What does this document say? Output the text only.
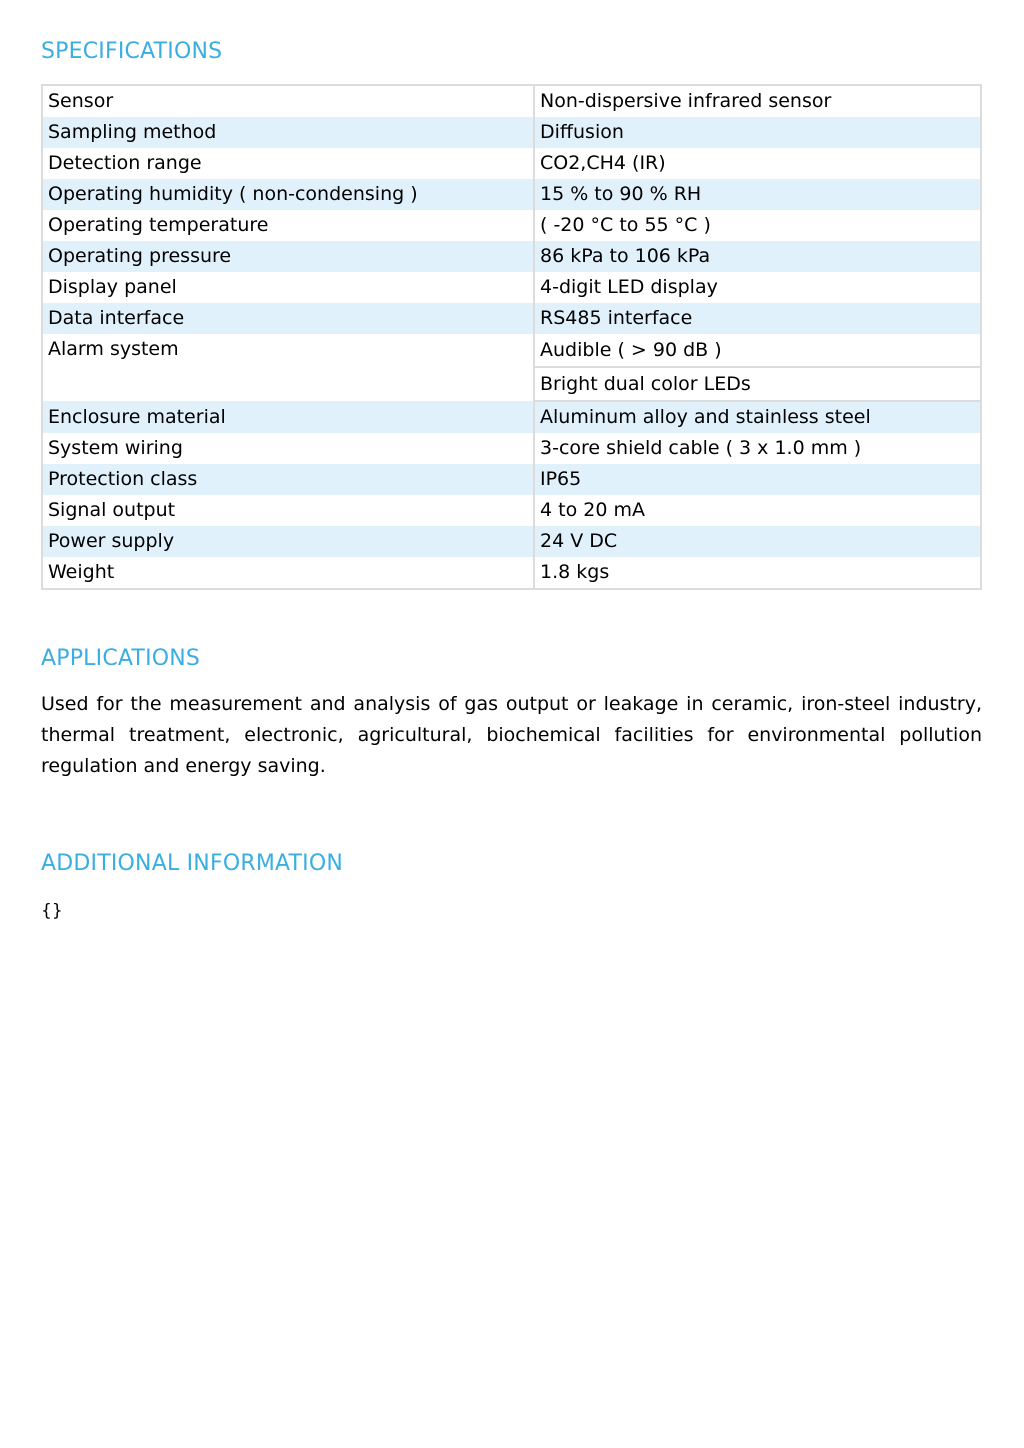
SPECIFICATIONS
Sensor	Non-dispersive infrared sensor
Sampling method	Diffusion
Detection range	CO2,CH4 (IR)
Operating humidity ( non-condensing )	15 % to 90 % RH
Operating temperature	( -20 °C to 55 °C )
Operating pressure	86 kPa to 106 kPa
Display panel	4-digit LED display
Data interface	RS485 interface
Alarm system	Audible ( > 90 dB )
	Bright dual color LEDs
Enclosure material	Aluminum alloy and stainless steel
System wiring	3-core shield cable ( 3 x 1.0 mm )
Protection class	IP65
Signal output	4 to 20 mA
Power supply	24 V DC
Weight	1.8 kgs
APPLICATIONS

Used for the measurement and analysis of gas output or leakage in ceramic, iron-steel industry, thermal treatment, electronic, agricultural, biochemical facilities for environmental pollution regulation and energy saving.

ADDITIONAL INFORMATION

{}
